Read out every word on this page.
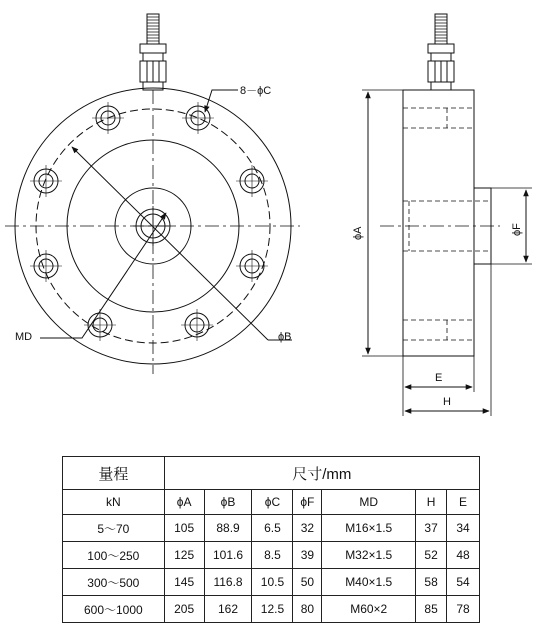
8－ϕC
ϕB
MD
ϕA	ϕF
E
H
量程	尺寸/mm						
kN	ϕA	ϕB	ϕC	ϕF	MD	H	E
5～70	105	88.9	6.5	32	M16×1.5	37	34
100～250	125	101.6	8.5	39	M32×1.5	52	48
300～500	145	116.8	10.5	50	M40×1.5	58	54
600～1000	205	162	12.5	80	M60×2	85	78
